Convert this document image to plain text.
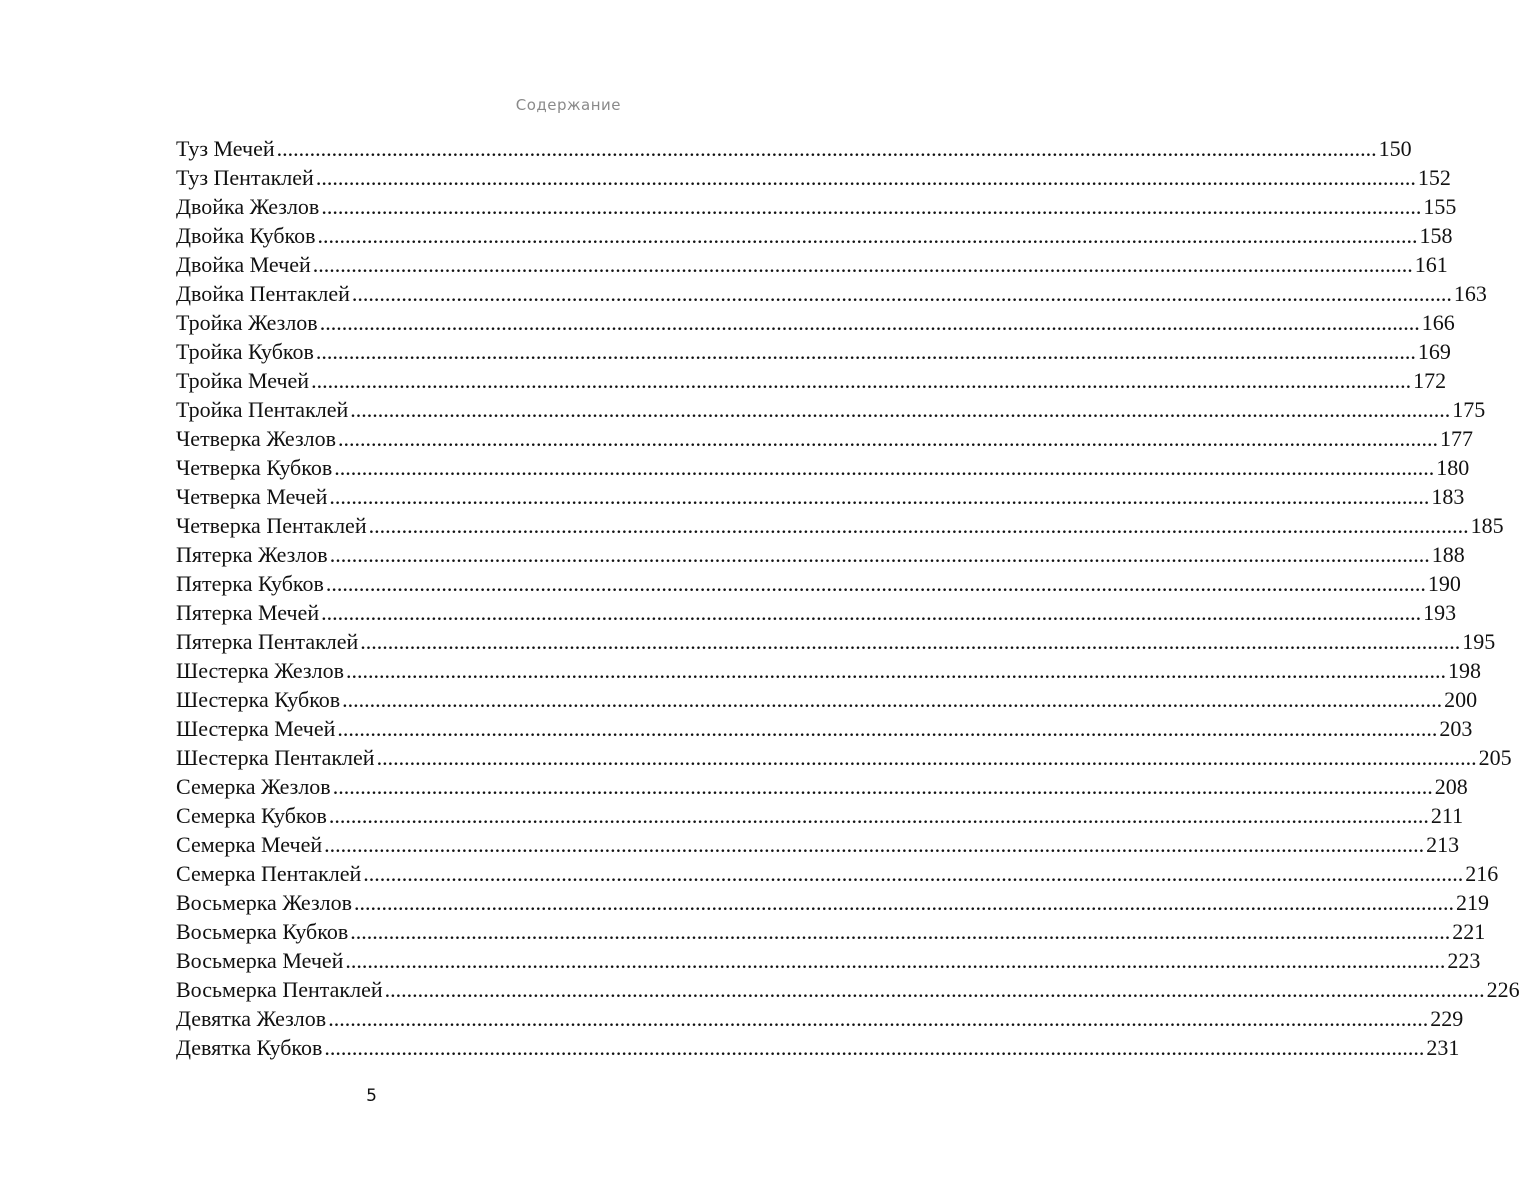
Содержание
Туз Мечей ........................................................................................................................................................................................................ 150
Туз Пентаклей ........................................................................................................................................................................................................ 152
Двойка Жезлов ........................................................................................................................................................................................................ 155
Двойка Кубков ........................................................................................................................................................................................................ 158
Двойка Мечей ........................................................................................................................................................................................................ 161
Двойка Пентаклей ........................................................................................................................................................................................................ 163
Тройка Жезлов ........................................................................................................................................................................................................ 166
Тройка Кубков ........................................................................................................................................................................................................ 169
Тройка Мечей ........................................................................................................................................................................................................ 172
Тройка Пентаклей ........................................................................................................................................................................................................ 175
Четверка Жезлов ........................................................................................................................................................................................................ 177
Четверка Кубков ........................................................................................................................................................................................................ 180
Четверка Мечей ........................................................................................................................................................................................................ 183
Четверка Пентаклей ........................................................................................................................................................................................................ 185
Пятерка Жезлов ........................................................................................................................................................................................................ 188
Пятерка Кубков ........................................................................................................................................................................................................ 190
Пятерка Мечей ........................................................................................................................................................................................................ 193
Пятерка Пентаклей ........................................................................................................................................................................................................ 195
Шестерка Жезлов ........................................................................................................................................................................................................ 198
Шестерка Кубков ........................................................................................................................................................................................................ 200
Шестерка Мечей ........................................................................................................................................................................................................ 203
Шестерка Пентаклей ........................................................................................................................................................................................................ 205
Семерка Жезлов ........................................................................................................................................................................................................ 208
Семерка Кубков ........................................................................................................................................................................................................ 211
Семерка Мечей ........................................................................................................................................................................................................ 213
Семерка Пентаклей ........................................................................................................................................................................................................ 216
Восьмерка Жезлов ........................................................................................................................................................................................................ 219
Восьмерка Кубков ........................................................................................................................................................................................................ 221
Восьмерка Мечей ........................................................................................................................................................................................................ 223
Восьмерка Пентаклей ........................................................................................................................................................................................................ 226
Девятка Жезлов ........................................................................................................................................................................................................ 229
Девятка Кубков ........................................................................................................................................................................................................ 231
5
